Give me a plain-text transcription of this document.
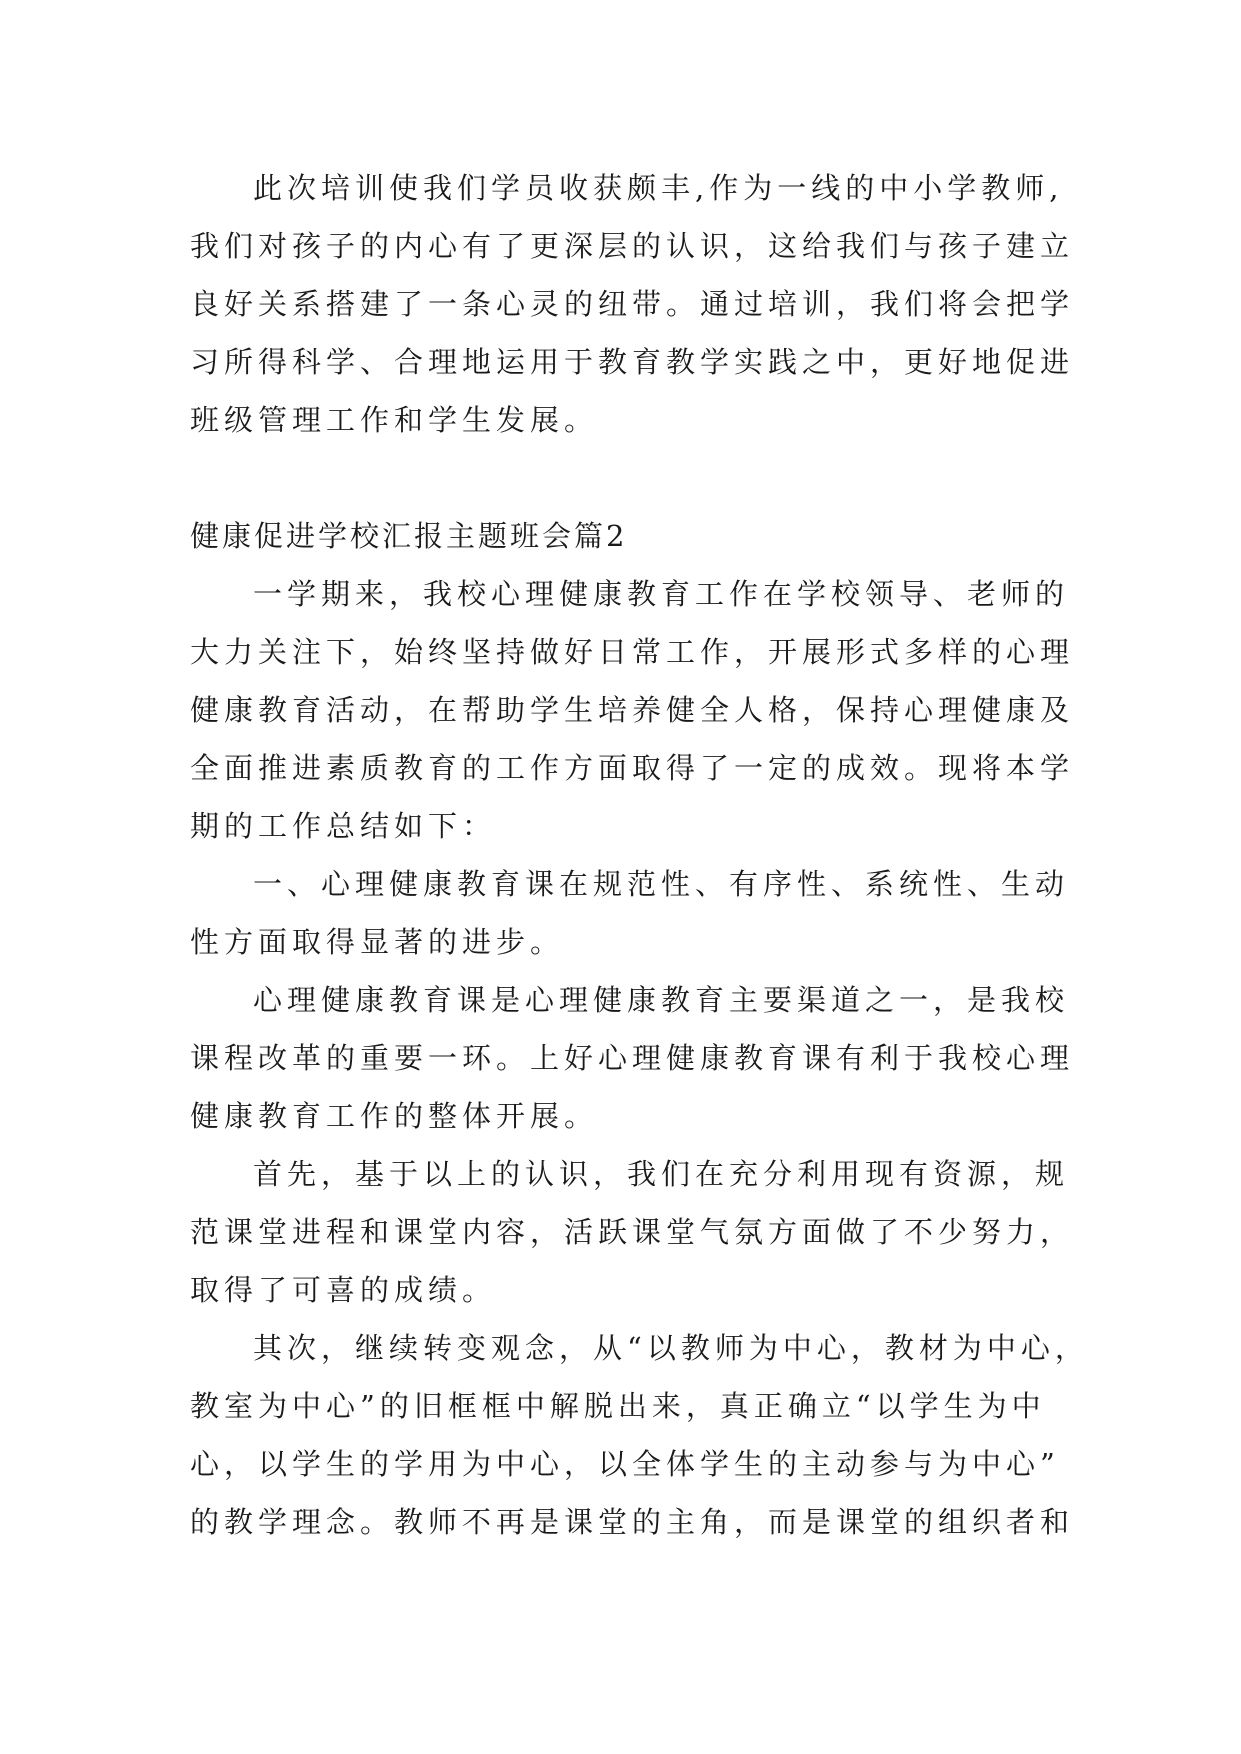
此次培训使我们学员收获颇丰,作为一线的中小学教师,
我们对孩子的内心有了更深层的认识，这给我们与孩子建立
良好关系搭建了一条心灵的纽带。通过培训，我们将会把学
习所得科学、合理地运用于教育教学实践之中，更好地促进
班级管理工作和学生发展。
健康促进学校汇报主题班会篇2
一学期来，我校心理健康教育工作在学校领导、老师的
大力关注下，始终坚持做好日常工作，开展形式多样的心理
健康教育活动，在帮助学生培养健全人格，保持心理健康及
全面推进素质教育的工作方面取得了一定的成效。现将本学
期的工作总结如下：
一、心理健康教育课在规范性、有序性、系统性、生动
性方面取得显著的进步。
心理健康教育课是心理健康教育主要渠道之一，是我校
课程改革的重要一环。上好心理健康教育课有利于我校心理
健康教育工作的整体开展。
首先，基于以上的认识，我们在充分利用现有资源，规
范课堂进程和课堂内容，活跃课堂气氛方面做了不少努力，
取得了可喜的成绩。
其次，继续转变观念，从“以教师为中心，教材为中心，
教室为中心”的旧框框中解脱出来，真正确立“以学生为中
心，以学生的学用为中心，以全体学生的主动参与为中心”
的教学理念。教师不再是课堂的主角，而是课堂的组织者和
